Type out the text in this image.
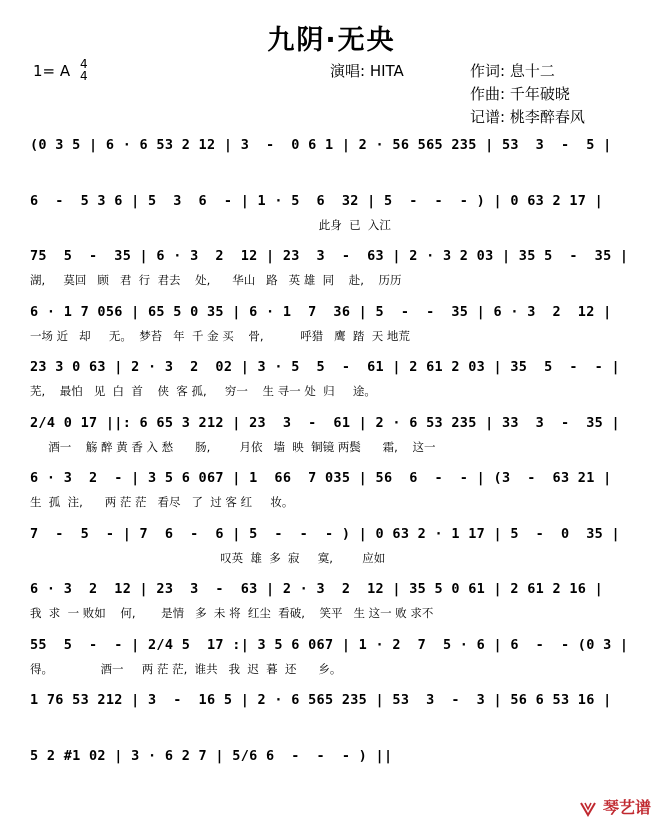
九阴·无央
1= A 4
4	演唱: HITA	作词: 息十二
作曲: 千年破晓
记谱: 桃李醉春风
(0 3 5 | 6 · 6 53 2 12 | 3  -  0 6 1 | 2 · 56 565 235 | 53  3  -  5 |
6  -  5 3 6 | 5  3  6  - | 1 · 5  6  32 | 5  -  -  - ) | 0 63 2 17 |
此身  已  入江
75  5  -  35 | 6 · 3  2  12 | 23  3  -  63 | 2 · 3 2 03 | 35 5  -  35 |
湖,     莫回   顾   君  行  君去    处,      华山   路   英 雄  同    赴,    历历
6 · 1 7 056 | 65 5 0 35 | 6 · 1  7  36 | 5  -  -  35 | 6 · 3  2  12 |
一场 近   却     无。  梦苔   年  千 金 买    骨,          呼猎   鹰  踏  天 地荒
23 3 0 63 | 2 · 3  2  02 | 3 · 5  5  -  61 | 2 61 2 03 | 35  5  -  - |
芜,    最怕   见  白  首    侠  客 孤,     穷一    生 寻一 处  归     途。
2/4 0 17 ||: 6 65 3 212 | 23  3  -  61 | 2 · 6 53 235 | 33  3  -  35 |
酒一    觞 醉 黄 香 入 愁      肠,        月依   墙  映  铜镜 两鬓      霜,    这一
6 · 3  2  - | 3 5 6 067 | 1  66  7 035 | 56  6  -  - | (3  -  63 21 |
生  孤  注,      两 茫 茫   看尽   了  过 客 红     妆。
7  -  5  - | 7  6  -  6 | 5  -  -  - ) | 0 63 2 · 1 17 | 5  -  0  35 |
叹英  雄  多  寂     寞,        应如
6 · 3  2  12 | 23  3  -  63 | 2 · 3  2  12 | 35 5 0 61 | 2 61 2 16 |
我  求  一 败如    何,       是情   多  未 将  红尘  看破,    笑平   生 这一 败 求不
55  5  -  - | 2/4 5  17 :| 3 5 6 067 | 1 · 2  7  5 · 6 | 6  -  - (0 3 |
得。             酒一     两 茫 茫,  谁共   我  迟  暮  还      乡。
1 76 53 212 | 3  -  16 5 | 2 · 6 565 235 | 53  3  -  3 | 56 6 53 16 |
5 2 #1 02 | 3 · 6 2 7 | 5/6 6  -  -  - ) ||
琴艺谱
